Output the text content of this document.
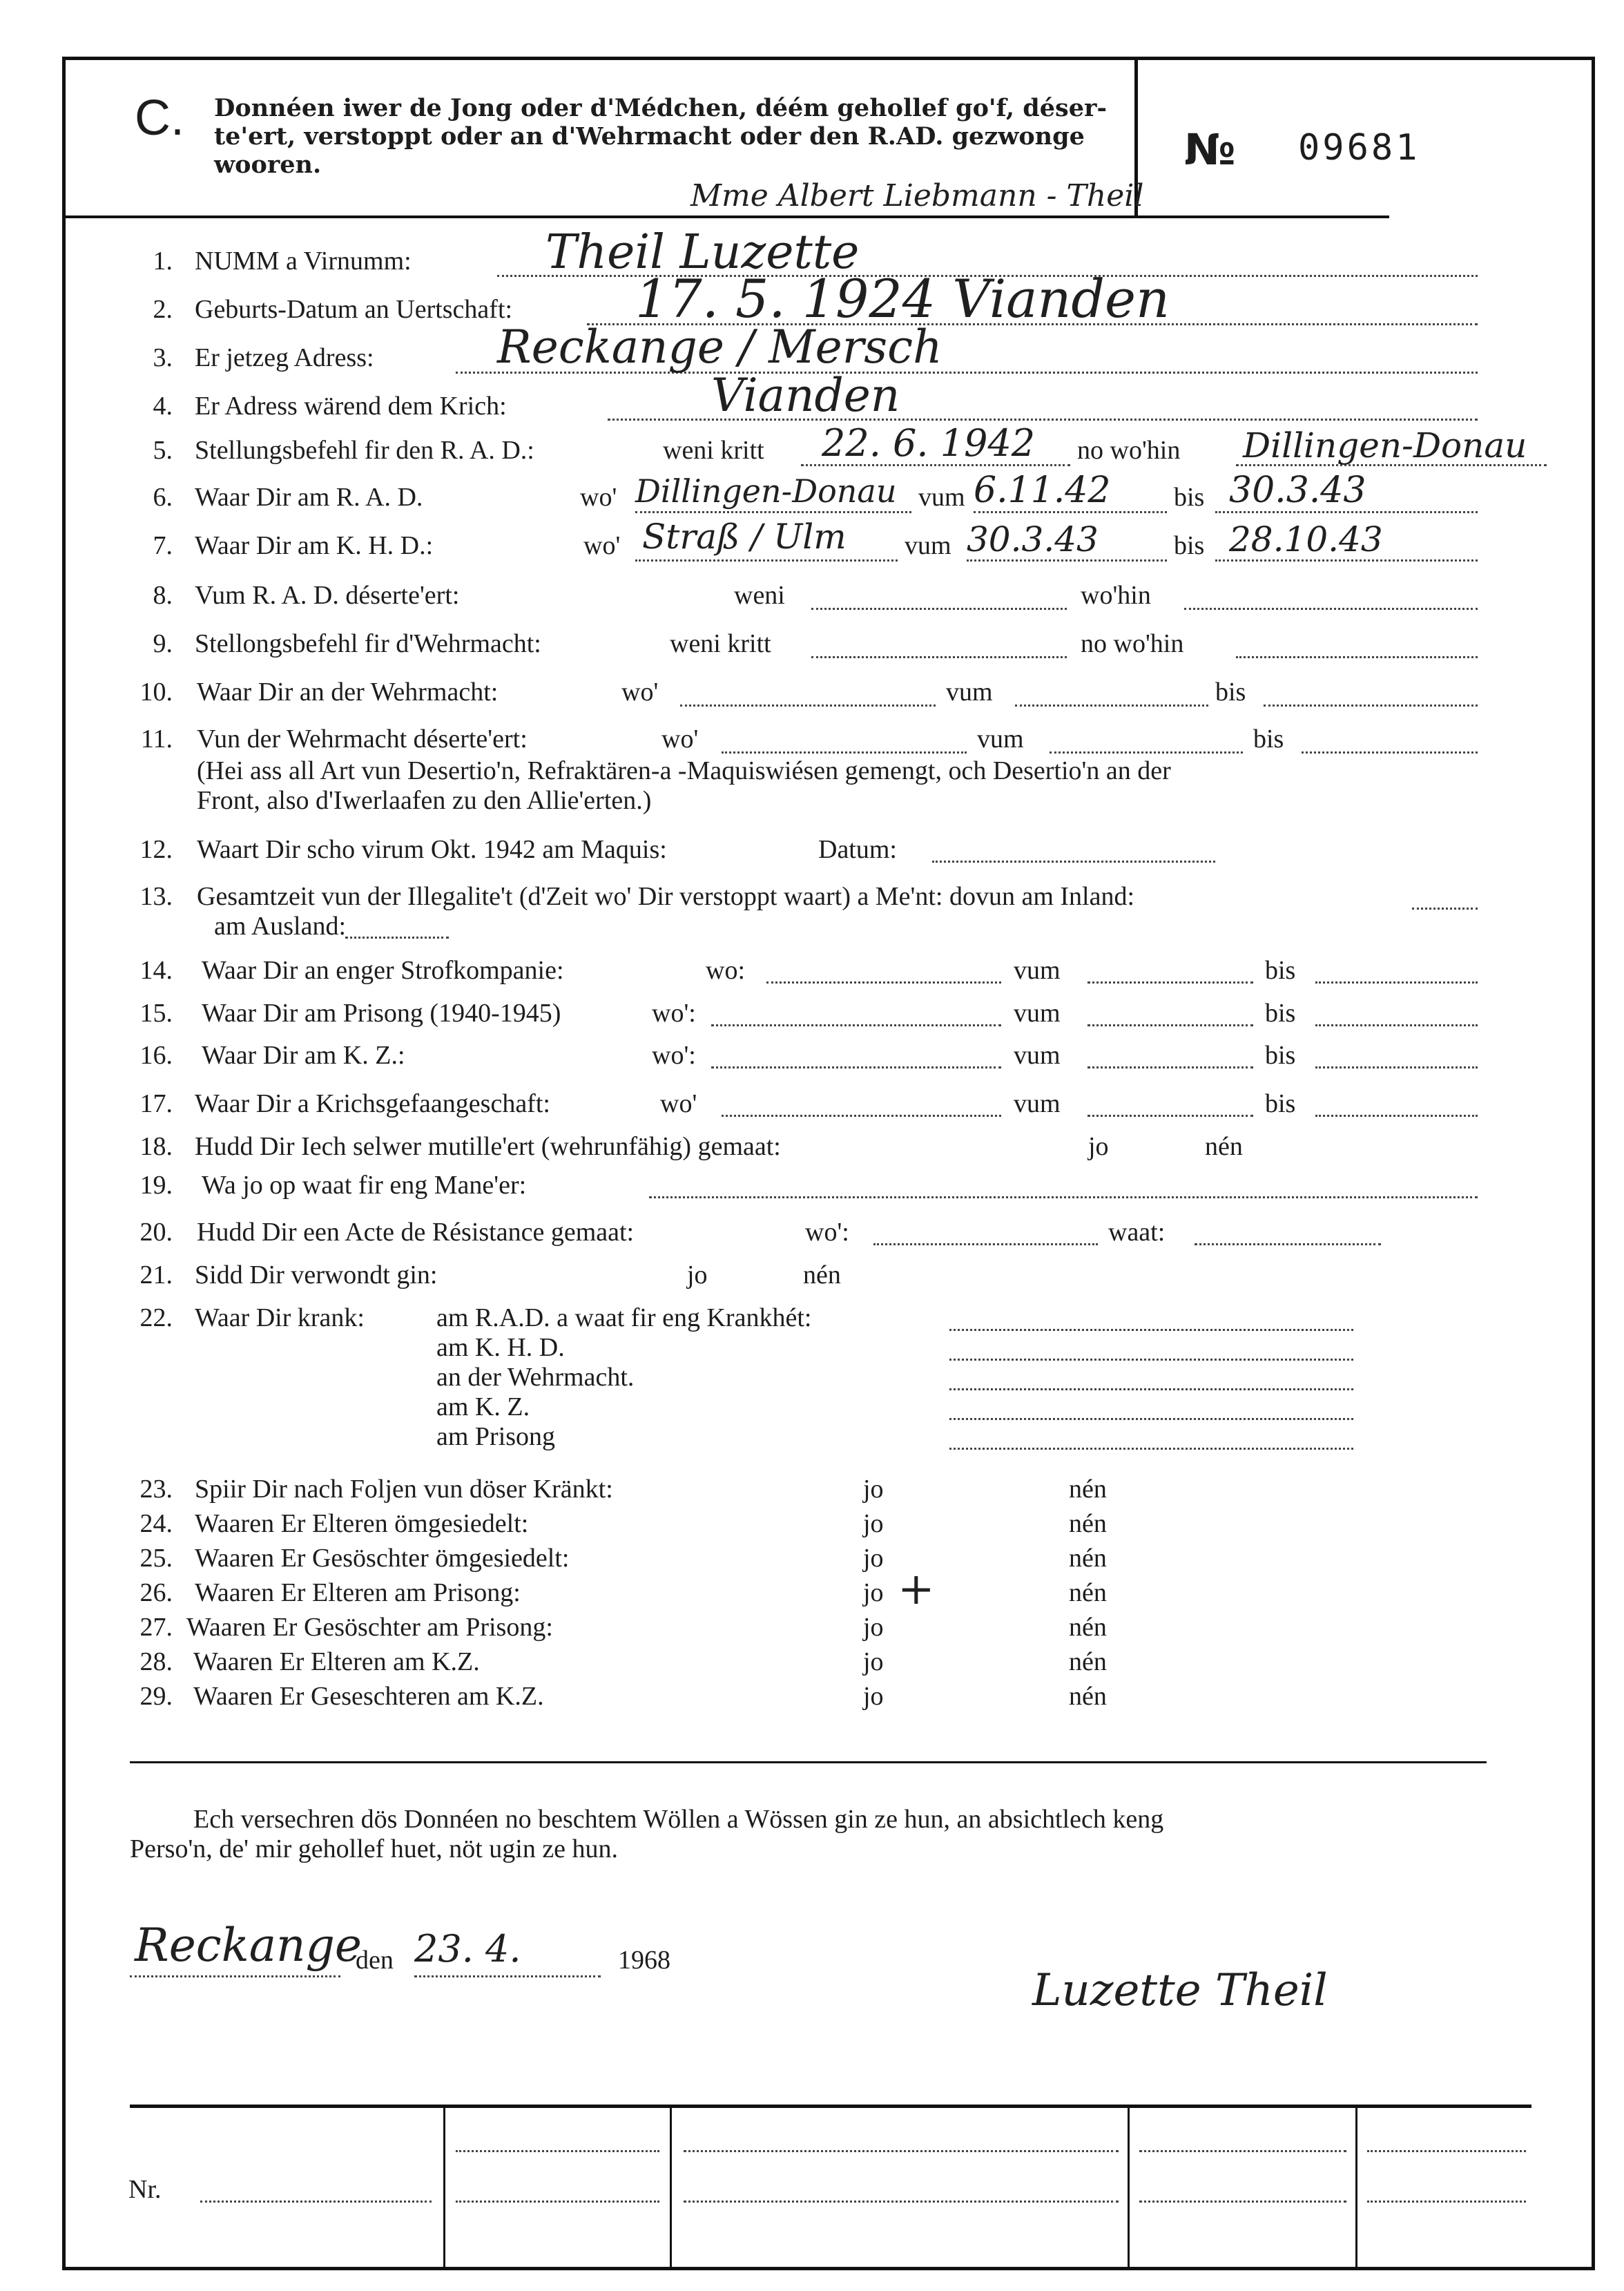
C. Donnéen iwer de Jong oder d'Médchen, déém gehollef go'f, déser-
te'ert, verstoppt oder an d'Wehrmacht oder den R.AD. gezwonge
wooren.	№ 09681
Mme Albert Liebmann - Theil
1. NUMM a Virnumm:	Theil Luzette
2. Geburts-Datum an Uertschaft: 17. 5. 1924 Vianden
3. Er jetzeg Adress:	Reckange / Mersch
4. Er Adress wärend dem Krich:	Vianden
5. Stellungsbefehl fir den R. A. D.:	weni kritt	no wo'hin
22. 6. 1942	Dillingen-Donau
6. Waar Dir am R. A. D.	wo'	vum	bis
Dillingen-Donau 6.11.42	30.3.43
7. Waar Dir am K. H. D.:	wo'	vum	bis
Straß / Ulm	30.3.43	28.10.43
8. Vum R. A. D. déserte'ert:	weni	wo'hin
9. Stellongsbefehl fir d'Wehrmacht:	weni kritt	no wo'hin
10. Waar Dir an der Wehrmacht:	wo'	vum	bis
11. Vun der Wehrmacht déserte'ert:	wo'	vum	bis
(Hei ass all Art vun Desertio'n, Refraktären-a -Maquiswiésen gemengt, och Desertio'n an der
Front, also d'Iwerlaafen zu den Allie'erten.)
12. Waart Dir scho virum Okt. 1942 am Maquis:	Datum:
13. Gesamtzeit vun der Illegalite't (d'Zeit wo' Dir verstoppt waart) a Me'nt: dovun am Inland:
am Ausland:
14. Waar Dir an enger Strofkompanie:	wo:	vum	bis
15. Waar Dir am Prisong (1940-1945)	wo':	vum	bis
16. Waar Dir am K. Z.:	wo':	vum	bis
17. Waar Dir a Krichsgefaangeschaft:	wo'	vum	bis
18. Hudd Dir Iech selwer mutille'ert (wehrunfähig) gemaat:	jo	nén
19. Wa jo op waat fir eng Mane'er:
20. Hudd Dir een Acte de Résistance gemaat:	wo':	waat:
21. Sidd Dir verwondt gin:	jo	nén
22. Waar Dir krank:	am R.A.D. a waat fir eng Krankhét:
am K. H. D.
an der Wehrmacht.
am K. Z.
am Prisong
23. Spiir Dir nach Foljen vun döser Kränkt:	jo	nén
24. Waaren Er Elteren ömgesiedelt:	jo	nén
25. Waaren Er Gesöschter ömgesiedelt:	jo	nén
26. Waaren Er Elteren am Prisong:	jo	nén
+
27. Waaren Er Gesöschter am Prisong:	jo	nén
28. Waaren Er Elteren am K.Z.	jo	nén
29. Waaren Er Geseschteren am K.Z.	jo	nén
Ech versechren dös Donnéen no beschtem Wöllen a Wössen gin ze hun, an absichtlech keng
Perso'n, de' mir gehollef huet, nöt ugin ze hun.
Reckange
den 23. 4.	1968
Luzette Theil
Nr.
